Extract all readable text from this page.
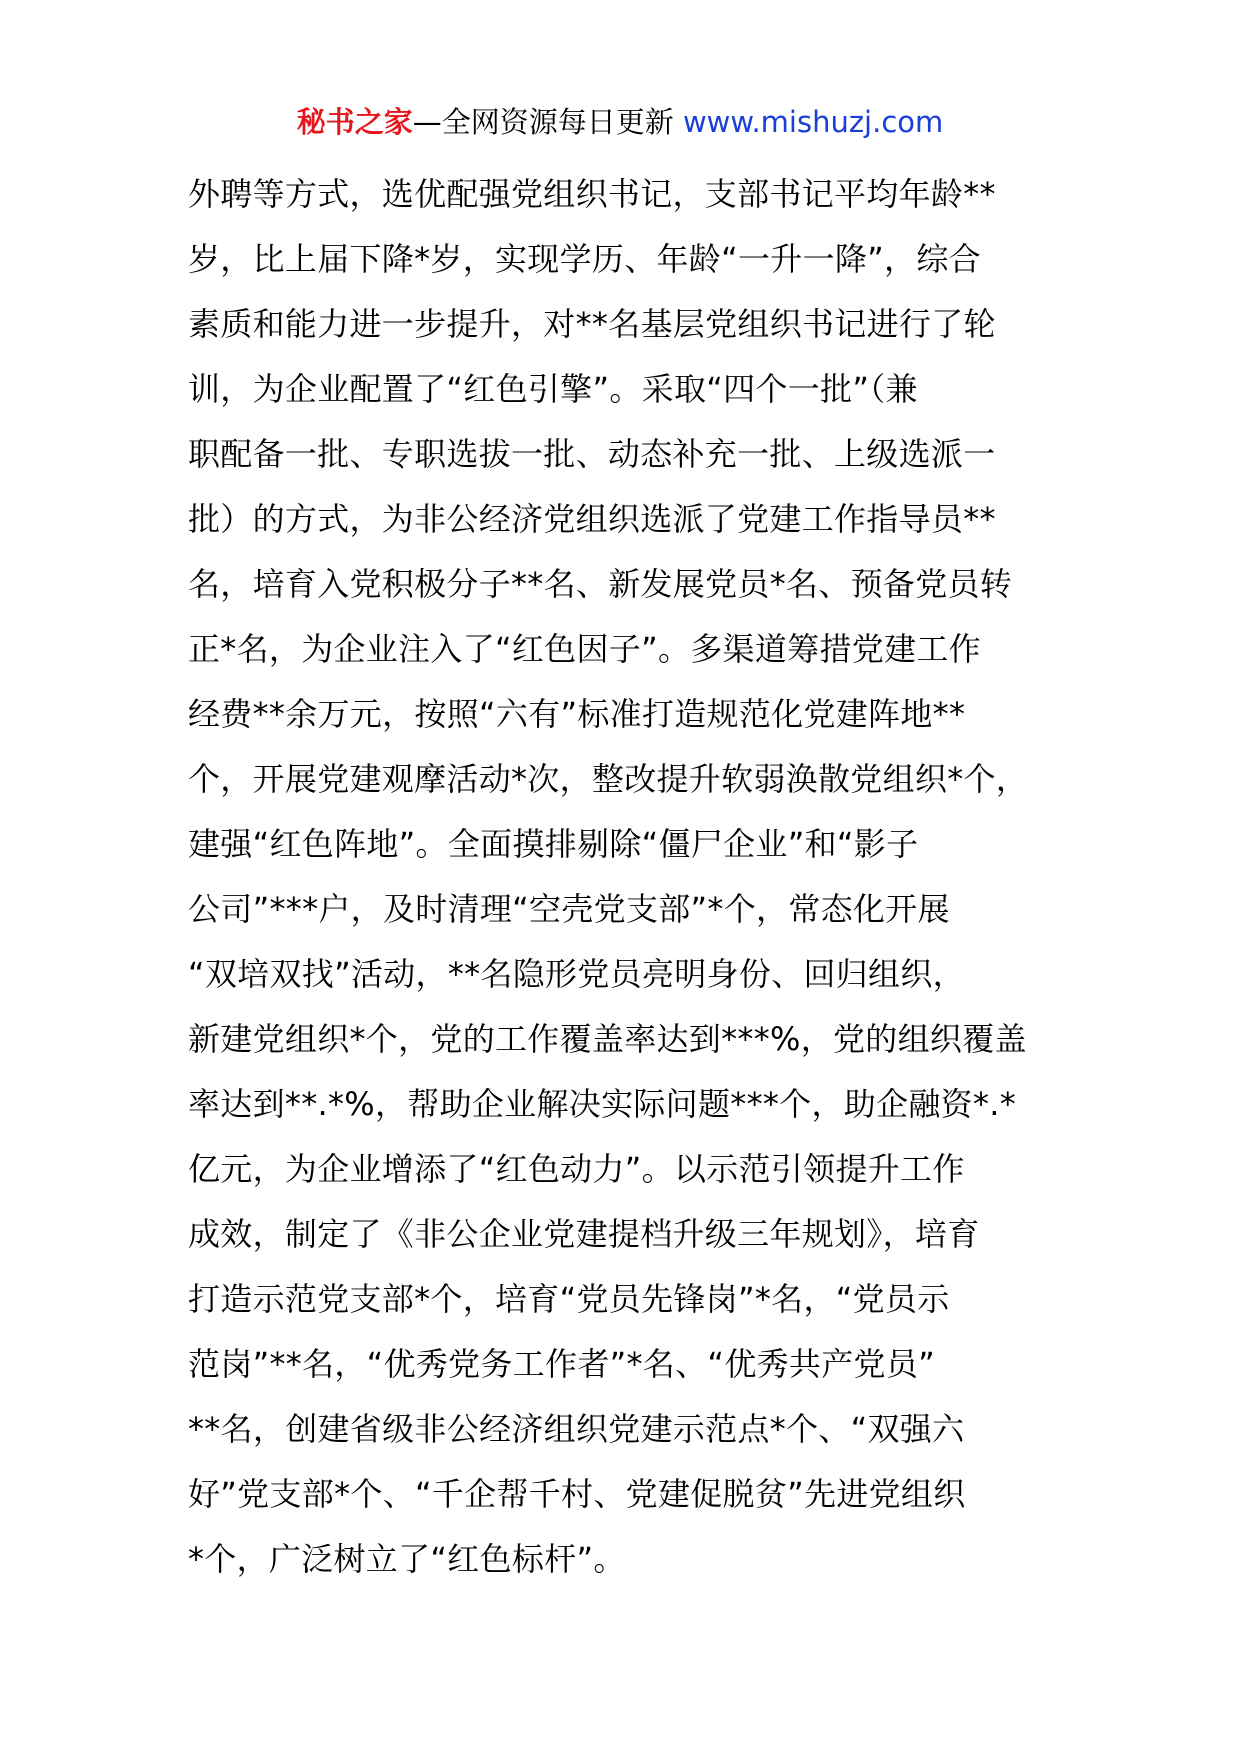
秘书之家—全网资源每日更新 www.mishuzj.com
外聘等方式，选优配强党组织书记，支部书记平均年龄**
岁，比上届下降*岁，实现学历、年龄“一升一降”，综合
素质和能力进一步提升，对**名基层党组织书记进行了轮
训，为企业配置了“红色引擎”。采取“四个一批”（兼
职配备一批、专职选拔一批、动态补充一批、上级选派一
批）的方式，为非公经济党组织选派了党建工作指导员**
名，培育入党积极分子**名、新发展党员*名、预备党员转
正*名，为企业注入了“红色因子”。多渠道筹措党建工作
经费**余万元，按照“六有”标准打造规范化党建阵地**
个，开展党建观摩活动*次，整改提升软弱涣散党组织*个，
建强“红色阵地”。全面摸排剔除“僵尸企业”和“影子
公司”***户，及时清理“空壳党支部”*个，常态化开展
“双培双找”活动，**名隐形党员亮明身份、回归组织，
新建党组织*个，党的工作覆盖率达到***%，党的组织覆盖
率达到**.*%，帮助企业解决实际问题***个，助企融资*.*
亿元，为企业增添了“红色动力”。以示范引领提升工作
成效，制定了《非公企业党建提档升级三年规划》，培育
打造示范党支部*个，培育“党员先锋岗”*名，“党员示
范岗”**名，“优秀党务工作者”*名、“优秀共产党员”
**名，创建省级非公经济组织党建示范点*个、“双强六
好”党支部*个、“千企帮千村、党建促脱贫”先进党组织
*个，广泛树立了“红色标杆”。
